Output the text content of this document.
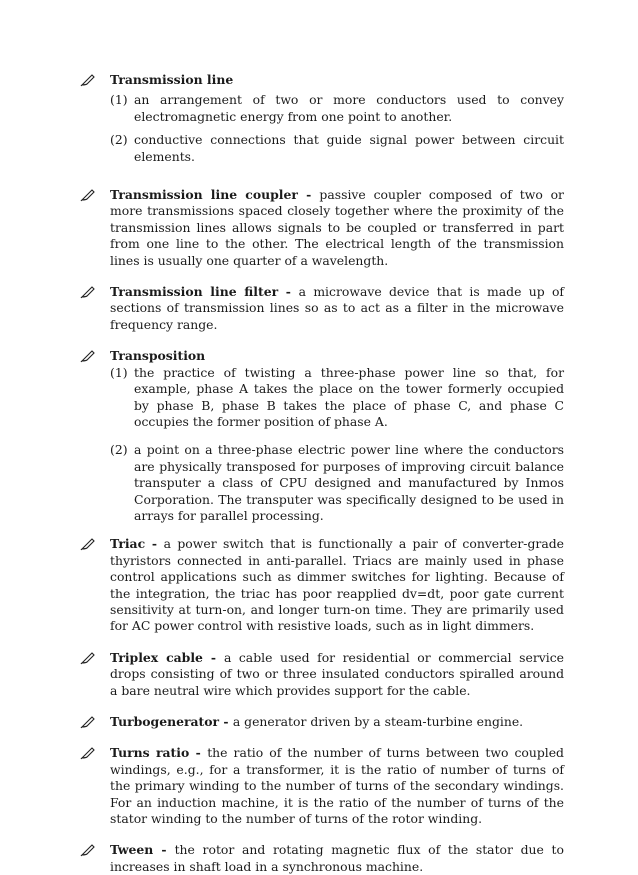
Transmission line
(1) an arrangement of two or more conductors used to convey electromagnetic energy from one point to another.
(2) conductive connections that guide signal power between circuit elements.
Transmission line coupler - passive coupler composed of two or more transmissions spaced closely together where the proximity of the transmission lines allows signals to be coupled or transferred in part from one line to the other. The electrical length of the transmission lines is usually one quarter of a wavelength.
Transmission line filter - a microwave device that is made up of sections of transmission lines so as to act as a filter in the microwave frequency range.
Transposition
(1) the practice of twisting a three-phase power line so that, for example, phase A takes the place on the tower formerly occupied by phase B, phase B takes the place of phase C, and phase C occupies the former position of phase A.
(2) a point on a three-phase electric power line where the conductors are physically transposed for purposes of improving circuit balance transputer a class of CPU designed and manufactured by Inmos Corporation. The transputer was specifically designed to be used in arrays for parallel processing.
Triac - a power switch that is functionally a pair of converter-grade thyristors connected in anti-parallel. Triacs are mainly used in phase control applications such as dimmer switches for lighting. Because of the integration, the triac has poor reapplied dv=dt, poor gate current sensitivity at turn-on, and longer turn-on time. They are primarily used for AC power control with resistive loads, such as in light dimmers.
Triplex cable - a cable used for residential or commercial service drops consisting of two or three insulated conductors spiralled around a bare neutral wire which provides support for the cable.
Turbogenerator - a generator driven by a steam-turbine engine.
Turns ratio - the ratio of the number of turns between two coupled windings, e.g., for a transformer, it is the ratio of number of turns of the primary winding to the number of turns of the secondary windings. For an induction machine, it is the ratio of the number of turns of the stator winding to the number of turns of the rotor winding.
Tween - the rotor and rotating magnetic flux of the stator due to increases in shaft load in a synchronous machine.
